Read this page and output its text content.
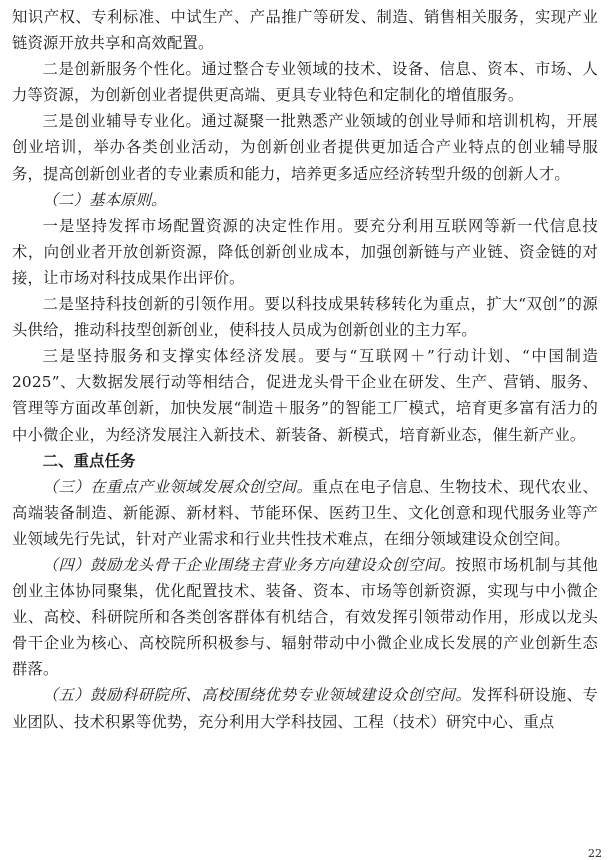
知识产权、专利标准、中试生产、产品推广等研发、制造、销售相关服务，实现产业链资源开放共享和高效配置。

二是创新服务个性化。通过整合专业领域的技术、设备、信息、资本、市场、人力等资源，为创新创业者提供更高端、更具专业特色和定制化的增值服务。

三是创业辅导专业化。通过凝聚一批熟悉产业领域的创业导师和培训机构，开展创业培训，举办各类创业活动，为创新创业者提供更加适合产业特点的创业辅导服务，提高创新创业者的专业素质和能力，培养更多适应经济转型升级的创新人才。

（二）基本原则。

一是坚持发挥市场配置资源的决定性作用。要充分利用互联网等新一代信息技术，向创业者开放创新资源，降低创新创业成本，加强创新链与产业链、资金链的对接，让市场对科技成果作出评价。

二是坚持科技创新的引领作用。要以科技成果转移转化为重点，扩大“双创”的源头供给，推动科技型创新创业，使科技人员成为创新创业的主力军。

三是坚持服务和支撑实体经济发展。要与“互联网＋”行动计划、“中国制造2025”、大数据发展行动等相结合，促进龙头骨干企业在研发、生产、营销、服务、管理等方面改革创新，加快发展“制造＋服务”的智能工厂模式，培育更多富有活力的中小微企业，为经济发展注入新技术、新装备、新模式，培育新业态，催生新产业。

二、重点任务

（三）在重点产业领域发展众创空间。重点在电子信息、生物技术、现代农业、高端装备制造、新能源、新材料、节能环保、医药卫生、文化创意和现代服务业等产业领域先行先试，针对产业需求和行业共性技术难点，在细分领域建设众创空间。

（四）鼓励龙头骨干企业围绕主营业务方向建设众创空间。按照市场机制与其他创业主体协同聚集，优化配置技术、装备、资本、市场等创新资源，实现与中小微企业、高校、科研院所和各类创客群体有机结合，有效发挥引领带动作用，形成以龙头骨干企业为核心、高校院所积极参与、辐射带动中小微企业成长发展的产业创新生态群落。

（五）鼓励科研院所、高校围绕优势专业领域建设众创空间。发挥科研设施、专业团队、技术积累等优势，充分利用大学科技园、工程（技术）研究中心、重点

22
